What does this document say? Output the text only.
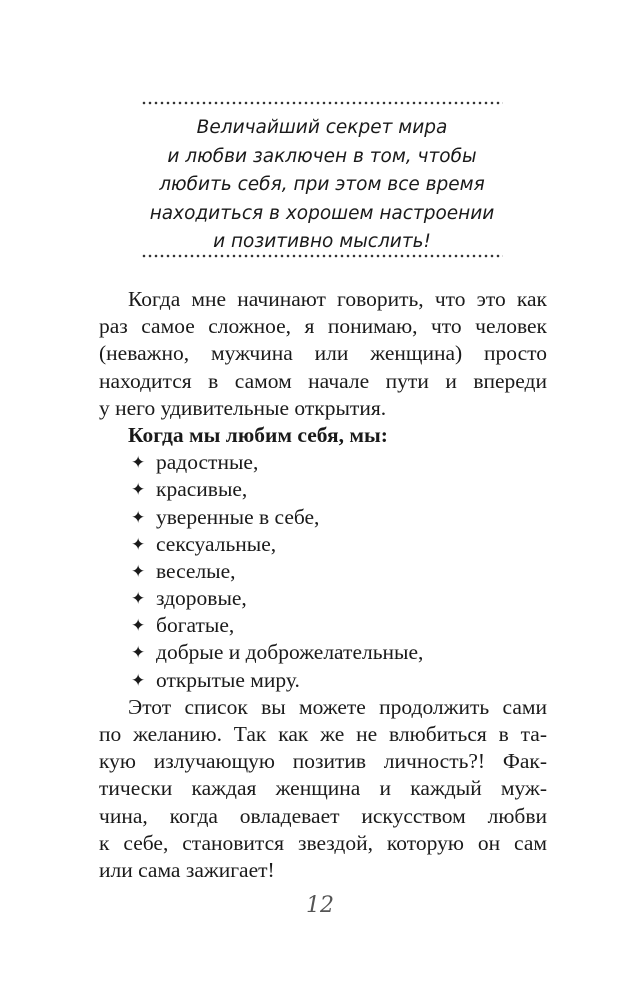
Величайший секрет мира
и любви заключен в том, чтобы
любить себя, при этом все время
находиться в хорошем настроении
и позитивно мыслить!
Когда мне начинают говорить, что это как
раз самое сложное, я понимаю, что человек
(неважно, мужчина или женщина) просто
находится в самом начале пути и впереди
у него удивительные открытия.
Когда мы любим себя, мы:
✦ радостные,
✦ красивые,
✦ уверенные в себе,
✦ сексуальные,
✦ веселые,
✦ здоровые,
✦ богатые,
✦ добрые и доброжелательные,
✦ открытые миру.
Этот список вы можете продолжить сами
по желанию. Так как же не влюбиться в та-
кую излучающую позитив личность?! Фак-
тически каждая женщина и каждый муж-
чина, когда овладевает искусством любви
к себе, становится звездой, которую он сам
или сама зажигает!
12
